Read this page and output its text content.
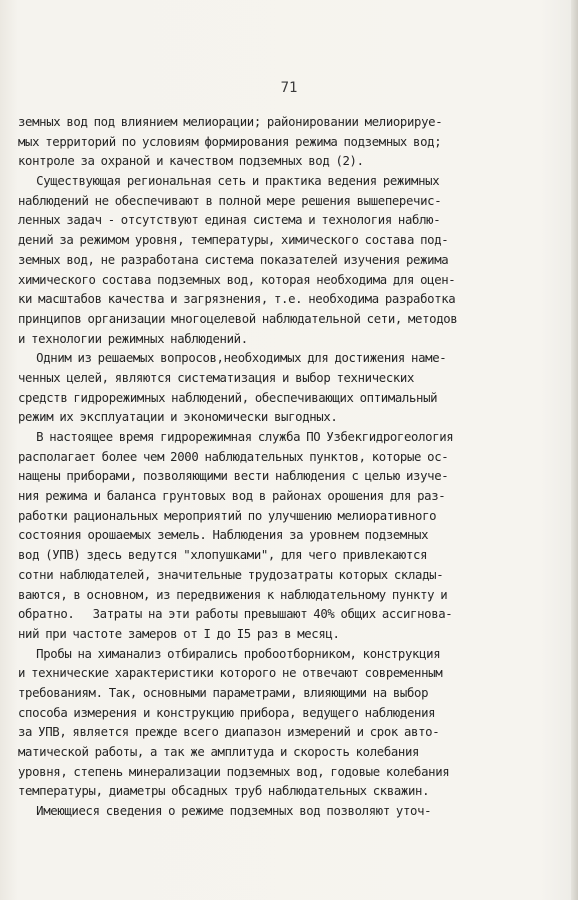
71

земных вод под влиянием мелиорации; районировании мелиорируе-
мых территорий по условиям формирования режима подземных вод;
контроле за охраной и качеством подземных вод (2).
Существующая региональная сеть и практика ведения режимных
наблюдений не обеспечивают в полной мере решения вышеперечис-
ленных задач - отсутствуют единая система и технология наблю-
дений за режимом уровня, температуры, химического состава под-
земных вод, не разработана система показателей изучения режима
химического состава подземных вод, которая необходима для оцен-
ки масштабов качества и загрязнения, т.е. необходима разработка
принципов организации многоцелевой наблюдательной сети, методов
и технологии режимных наблюдений.
Одним из решаемых вопросов,необходимых для достижения наме-
ченных целей, являются систематизация и выбор технических
средств гидрорежимных наблюдений, обеспечивающих оптимальный
режим их эксплуатации и экономически выгодных.
В настоящее время гидрорежимная служба ПО Узбекгидрогеология
располагает более чем 2000 наблюдательных пунктов, которые ос-
нащены приборами, позволяющими вести наблюдения с целью изуче-
ния режима и баланса грунтовых вод в районах орошения для раз-
работки рациональных мероприятий по улучшению мелиоративного
состояния орошаемых земель. Наблюдения за уровнем подземных
вод (УПВ) здесь ведутся "хлопушками", для чего привлекаются
сотни наблюдателей, значительные трудозатраты которых склады-
ваются, в основном, из передвижения к наблюдательному пункту и
обратно.   Затраты на эти работы превышают 40% общих ассигнова-
ний при частоте замеров от I до I5 раз в месяц.
Пробы на химанализ отбирались пробоотборником, конструкция
и технические характеристики которого не отвечают современным
требованиям. Так, основными параметрами, влияющими на выбор
способа измерения и конструкцию прибора, ведущего наблюдения
за УПВ, является прежде всего диапазон измерений и срок авто-
матической работы, а так же амплитуда и скорость колебания
уровня, степень минерализации подземных вод, годовые колебания
температуры, диаметры обсадных труб наблюдательных скважин.
Имеющиеся сведения о режиме подземных вод позволяют уточ-
